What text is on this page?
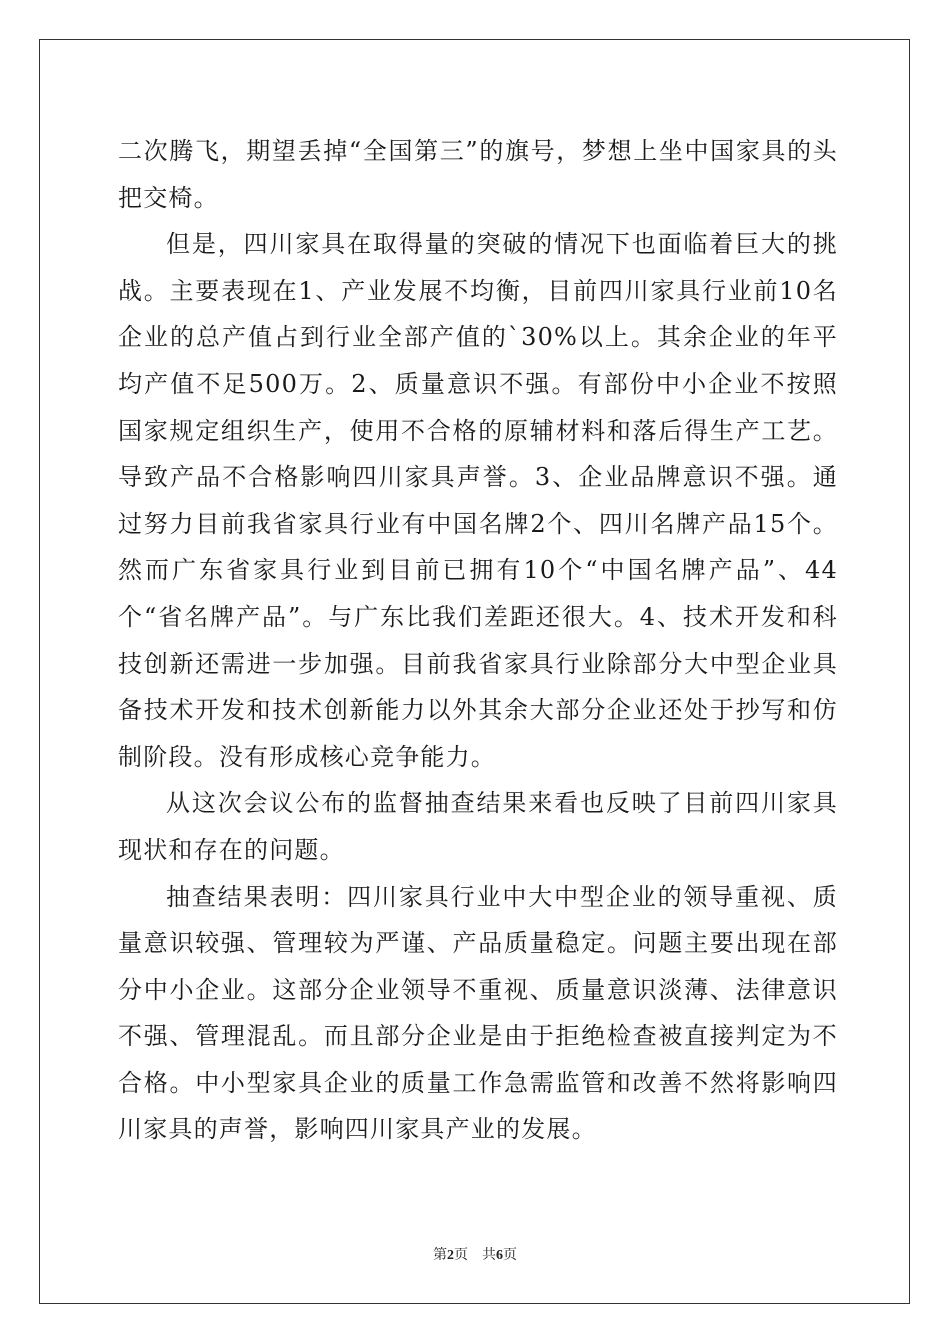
二次腾飞，期望丢掉“全国第三”的旗号，梦想上坐中国家具的头把交椅。

但是，四川家具在取得量的突破的情况下也面临着巨大的挑战。主要表现在1、产业发展不均衡，目前四川家具行业前10名企业的总产值占到行业全部产值的`30%以上。其余企业的年平均产值不足500万。2、质量意识不强。有部份中小企业不按照国家规定组织生产，使用不合格的原辅材料和落后得生产工艺。导致产品不合格影响四川家具声誉。3、企业品牌意识不强。通过努力目前我省家具行业有中国名牌2个、四川名牌产品15个。然而广东省家具行业到目前已拥有10个“中国名牌产品”、44个“省名牌产品”。与广东比我们差距还很大。4、技术开发和科技创新还需进一步加强。目前我省家具行业除部分大中型企业具备技术开发和技术创新能力以外其余大部分企业还处于抄写和仿制阶段。没有形成核心竞争能力。

从这次会议公布的监督抽查结果来看也反映了目前四川家具现状和存在的问题。

抽查结果表明：四川家具行业中大中型企业的领导重视、质量意识较强、管理较为严谨、产品质量稳定。问题主要出现在部分中小企业。这部分企业领导不重视、质量意识淡薄、法律意识不强、管理混乱。而且部分企业是由于拒绝检查被直接判定为不合格。中小型家具企业的质量工作急需监管和改善不然将影响四川家具的声誉，影响四川家具产业的发展。

第2页 共6页
